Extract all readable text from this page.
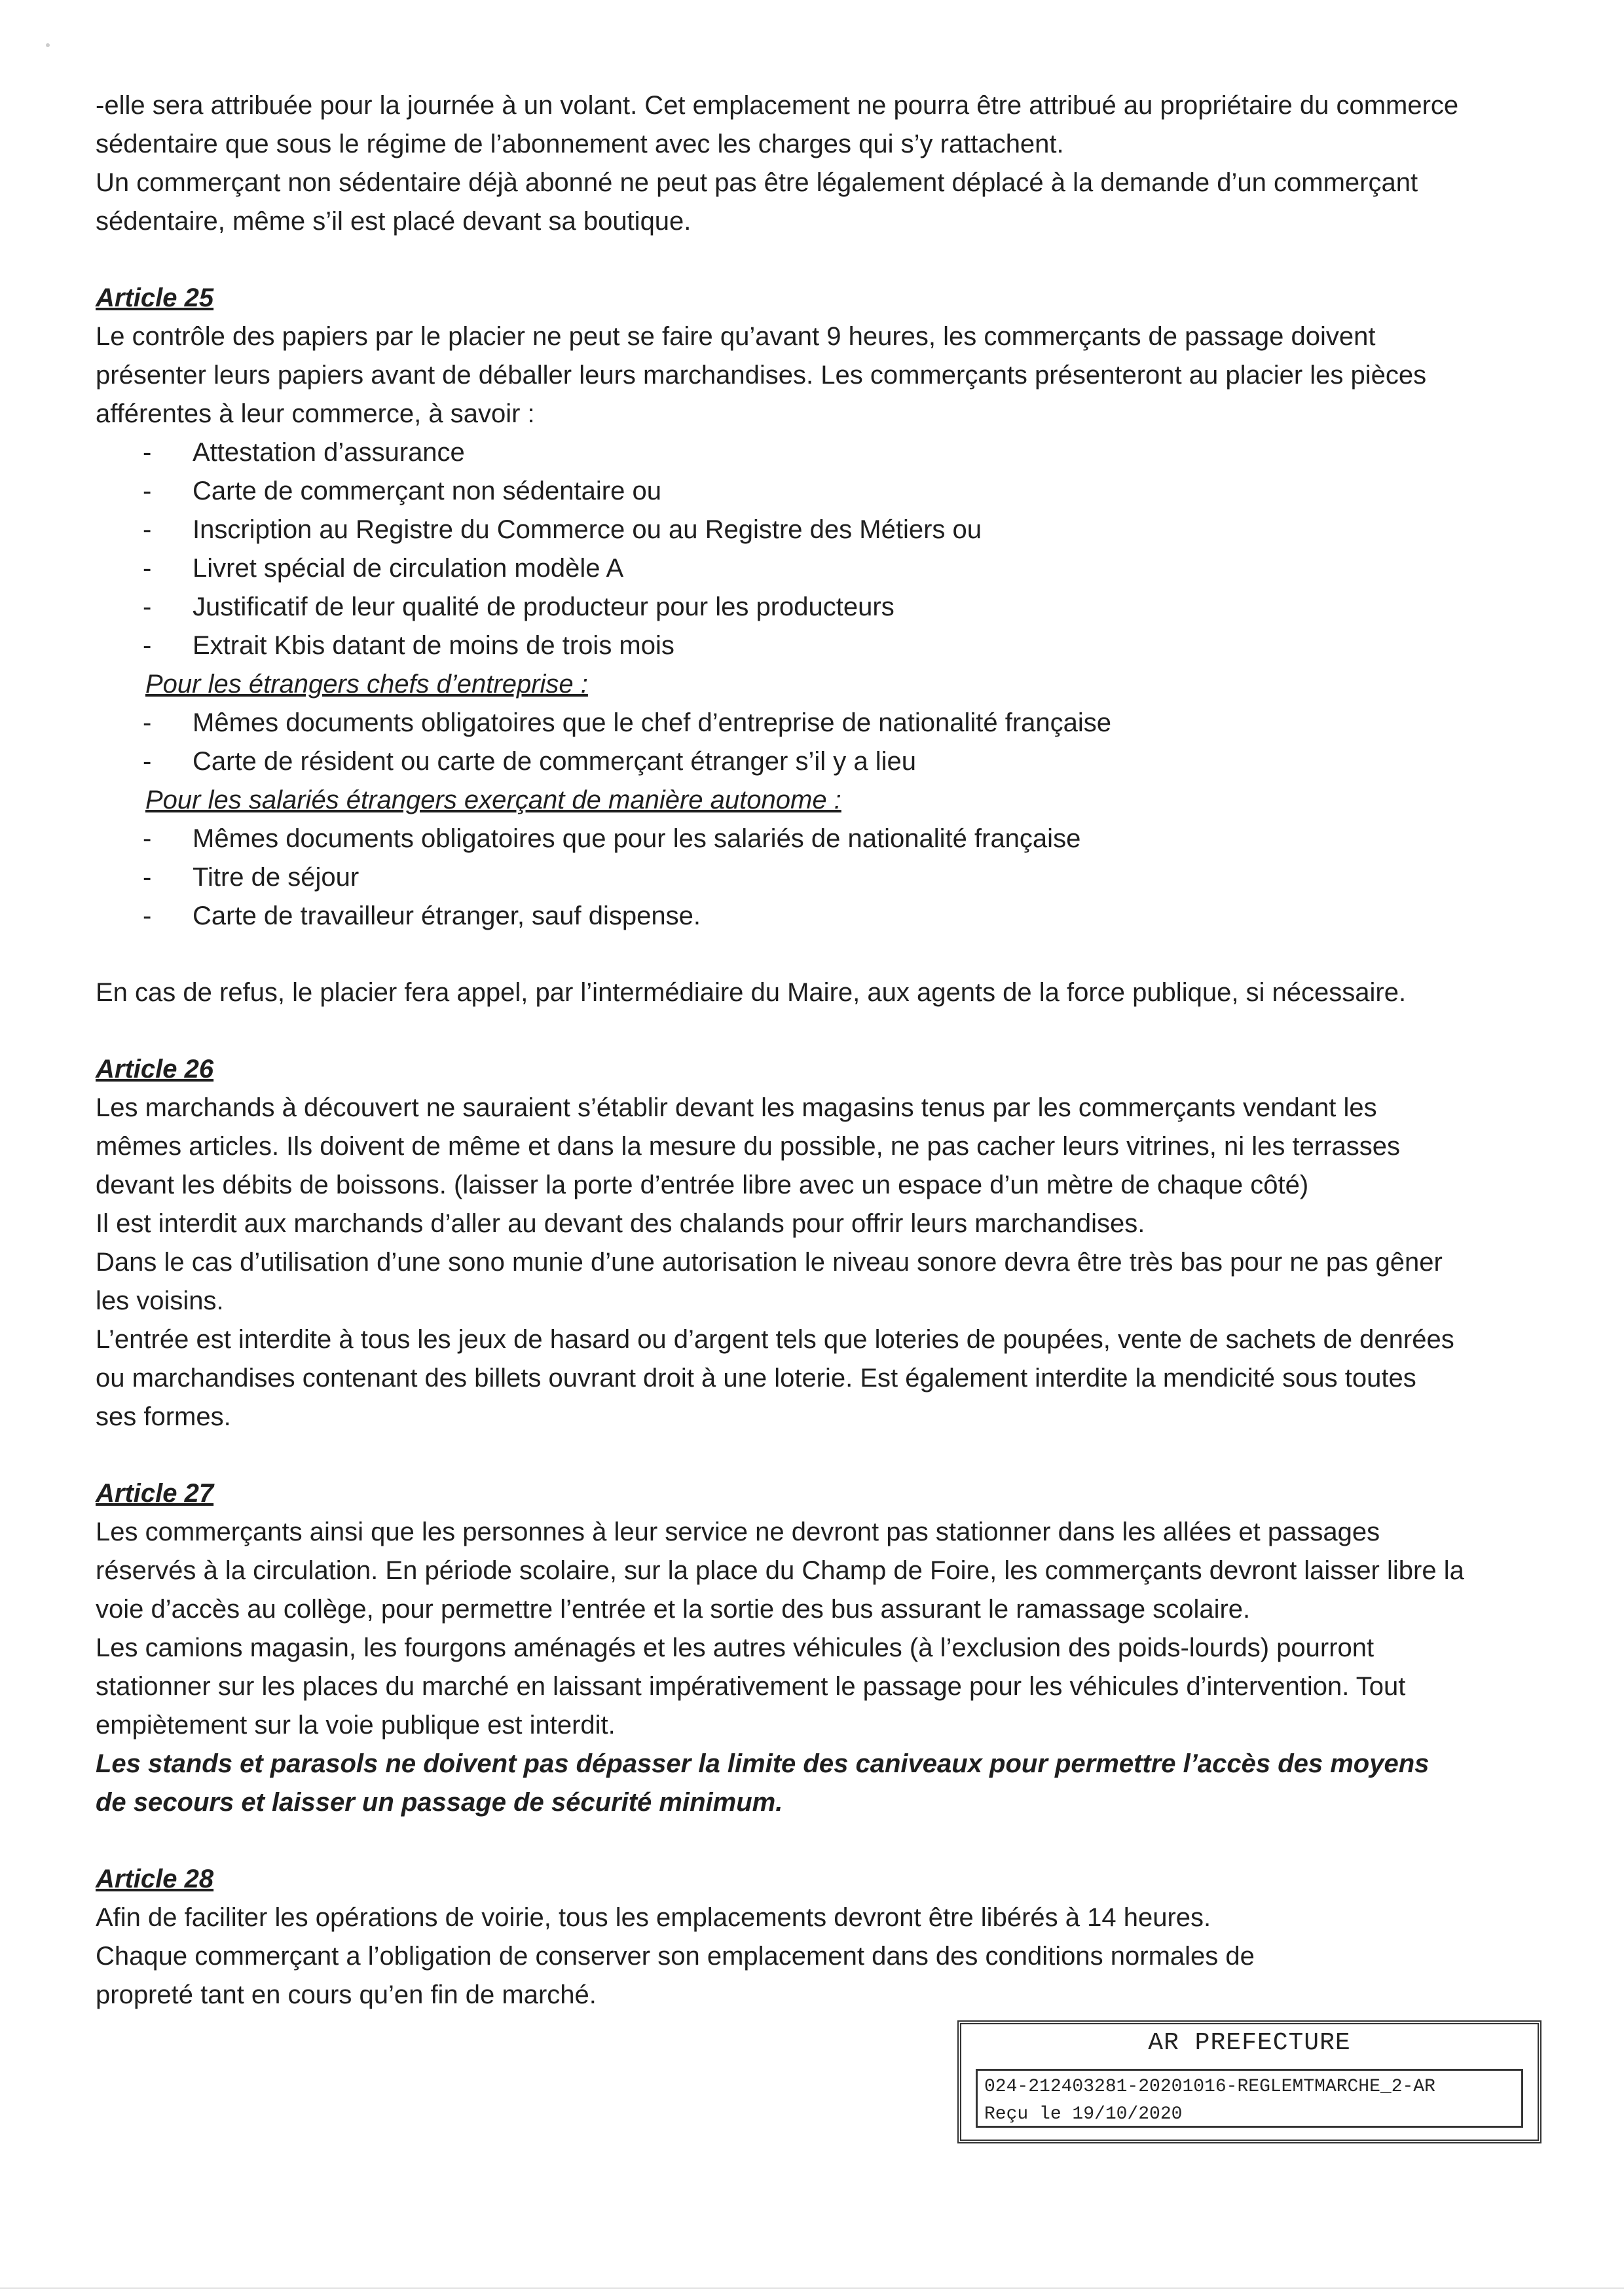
-elle sera attribuée pour la journée à un volant. Cet emplacement ne pourra être attribué au propriétaire du commerce sédentaire que sous le régime de l’abonnement avec les charges qui s’y rattachent.

Un commerçant non sédentaire déjà abonné ne peut pas être légalement déplacé à la demande d’un commerçant sédentaire, même s’il est placé devant sa boutique.

Article 25

Le contrôle des papiers par le placier ne peut se faire qu’avant 9 heures, les commerçants de passage doivent présenter leurs papiers avant de déballer leurs marchandises. Les commerçants présenteront au placier les pièces afférentes à leur commerce, à savoir :

- Attestation d’assurance
- Carte de commerçant non sédentaire ou
- Inscription au Registre du Commerce ou au Registre des Métiers ou
- Livret spécial de circulation modèle A
- Justificatif de leur qualité de producteur pour les producteurs
- Extrait Kbis datant de moins de trois mois

Pour les étrangers chefs d’entreprise :

- Mêmes documents obligatoires que le chef d’entreprise de nationalité française
- Carte de résident ou carte de commerçant étranger s’il y a lieu

Pour les salariés étrangers exerçant de manière autonome :

- Mêmes documents obligatoires que pour les salariés de nationalité française
- Titre de séjour
- Carte de travailleur étranger, sauf dispense.

En cas de refus, le placier fera appel, par l’intermédiaire du Maire, aux agents de la force publique, si nécessaire.

Article 26

Les marchands à découvert ne sauraient s’établir devant les magasins tenus par les commerçants vendant les mêmes articles. Ils doivent de même et dans la mesure du possible, ne pas cacher leurs vitrines, ni les terrasses devant les débits de boissons. (laisser la porte d’entrée libre avec un espace d’un mètre de chaque côté)

Il est interdit aux marchands d’aller au devant des chalands pour offrir leurs marchandises.

Dans le cas d’utilisation d’une sono munie d’une autorisation le niveau sonore devra être très bas pour ne pas gêner les voisins.

L’entrée est interdite à tous les jeux de hasard ou d’argent tels que loteries de poupées, vente de sachets de denrées ou marchandises contenant des billets ouvrant droit à une loterie. Est également interdite la mendicité sous toutes ses formes.

Article 27

Les commerçants ainsi que les personnes à leur service ne devront pas stationner dans les allées et passages réservés à la circulation. En période scolaire, sur la place du Champ de Foire, les commerçants devront laisser libre la voie d’accès au collège, pour permettre l’entrée et la sortie des bus assurant le ramassage scolaire.

Les camions magasin, les fourgons aménagés et les autres véhicules (à l’exclusion des poids-lourds) pourront stationner sur les places du marché en laissant impérativement le passage pour les véhicules d’intervention. Tout empiètement sur la voie publique est interdit.

Les stands et parasols ne doivent pas dépasser la limite des caniveaux pour permettre l’accès des moyens de secours et laisser un passage de sécurité minimum.

Article 28

Afin de faciliter les opérations de voirie, tous les emplacements devront être libérés à 14 heures.

Chaque commerçant a l’obligation de conserver son emplacement dans des conditions normales de

propreté tant en cours qu’en fin de marché.

AR PREFECTURE
024-212403281-20201016-REGLEMTMARCHE_2-AR
Reçu le 19/10/2020
